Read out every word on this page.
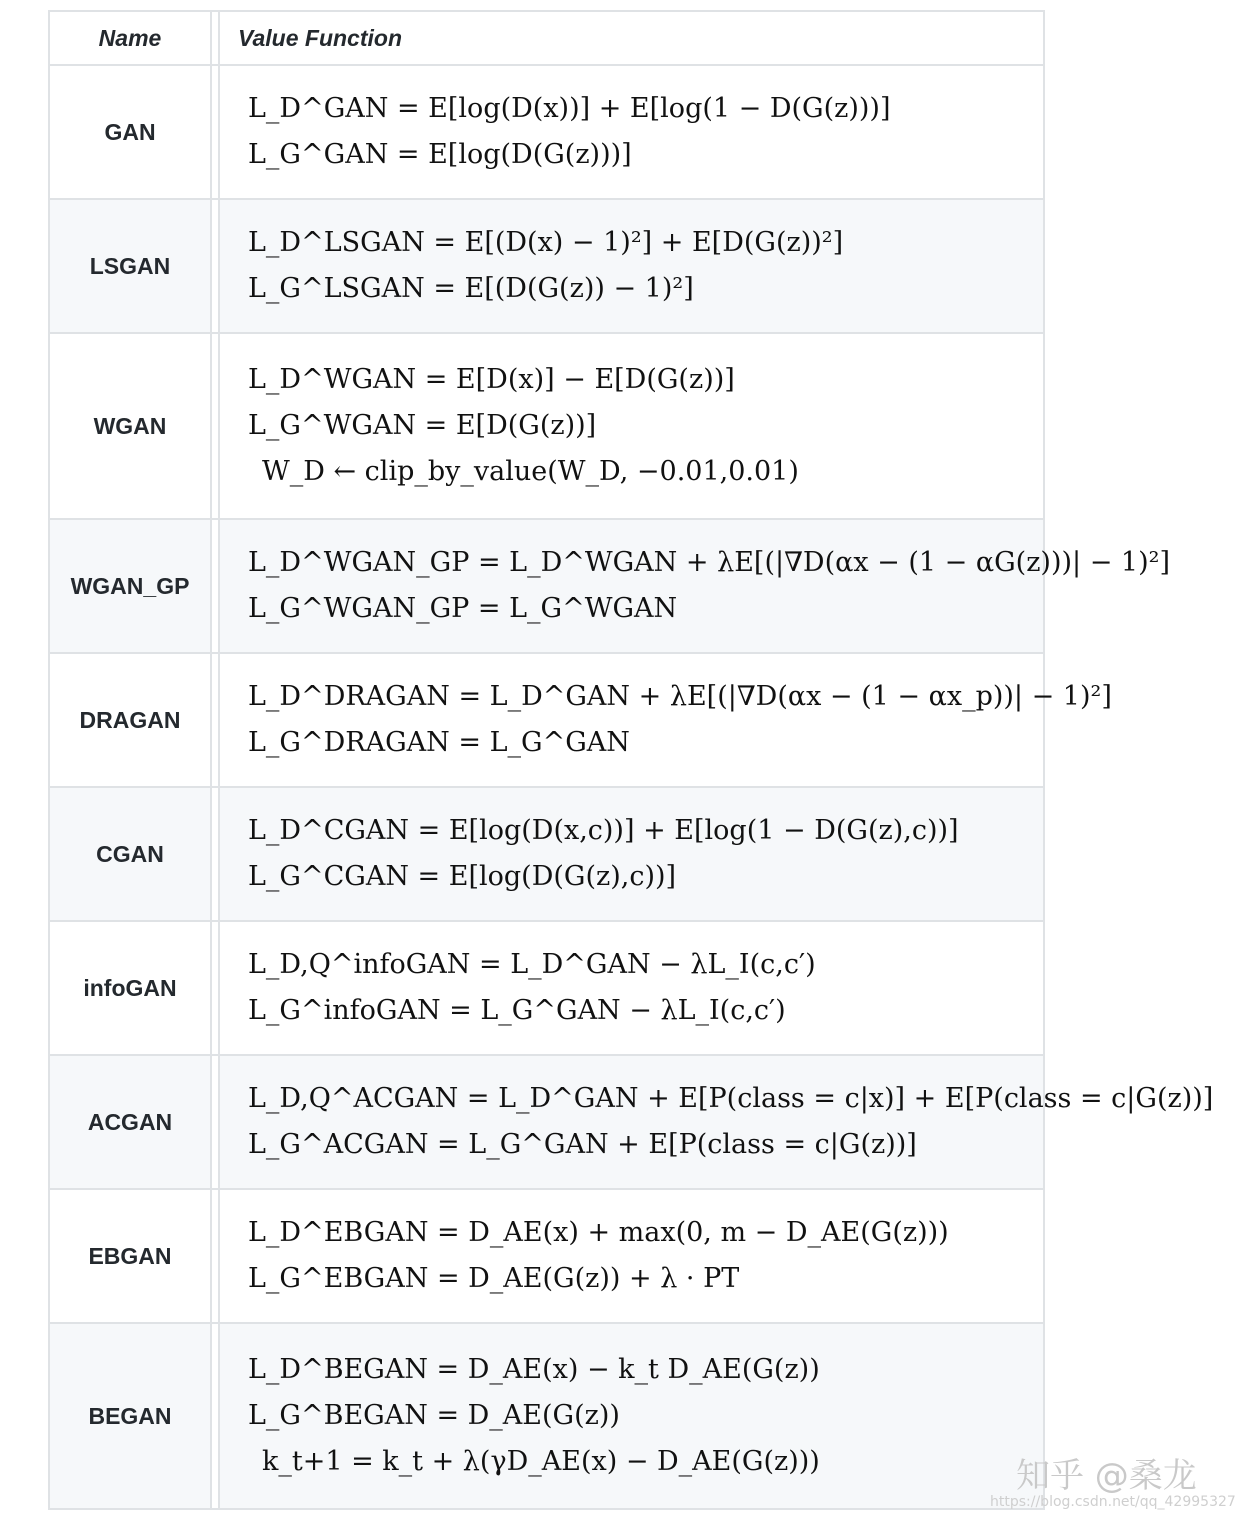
Name	Value Function
GAN
L_D^GAN = E[log(D(x))] + E[log(1 − D(G(z)))]
L_G^GAN = E[log(D(G(z)))]
LSGAN
L_D^LSGAN = E[(D(x) − 1)²] + E[D(G(z))²]
L_G^LSGAN = E[(D(G(z)) − 1)²]
WGAN
L_D^WGAN = E[D(x)] − E[D(G(z))]
L_G^WGAN = E[D(G(z))]
W_D ← clip_by_value(W_D, −0.01,0.01)
WGAN_GP
L_D^WGAN_GP = L_D^WGAN + λE[(|∇D(αx − (1 − αG(z)))| − 1)²]
L_G^WGAN_GP = L_G^WGAN
DRAGAN
L_D^DRAGAN = L_D^GAN + λE[(|∇D(αx − (1 − αx_p))| − 1)²]
L_G^DRAGAN = L_G^GAN
CGAN
L_D^CGAN = E[log(D(x,c))] + E[log(1 − D(G(z),c))]
L_G^CGAN = E[log(D(G(z),c))]
infoGAN
L_D,Q^infoGAN = L_D^GAN − λL_I(c,c′)
L_G^infoGAN = L_G^GAN − λL_I(c,c′)
ACGAN
L_D,Q^ACGAN = L_D^GAN + E[P(class = c|x)] + E[P(class = c|G(z))]
L_G^ACGAN = L_G^GAN + E[P(class = c|G(z))]
EBGAN
L_D^EBGAN = D_AE(x) + max(0, m − D_AE(G(z)))
L_G^EBGAN = D_AE(G(z)) + λ · PT
BEGAN
L_D^BEGAN = D_AE(x) − k_t D_AE(G(z))
L_G^BEGAN = D_AE(G(z))
k_t+1 = k_t + λ(γD_AE(x) − D_AE(G(z)))	知乎 @桑龙
https://blog.csdn.net/qq_42995327
